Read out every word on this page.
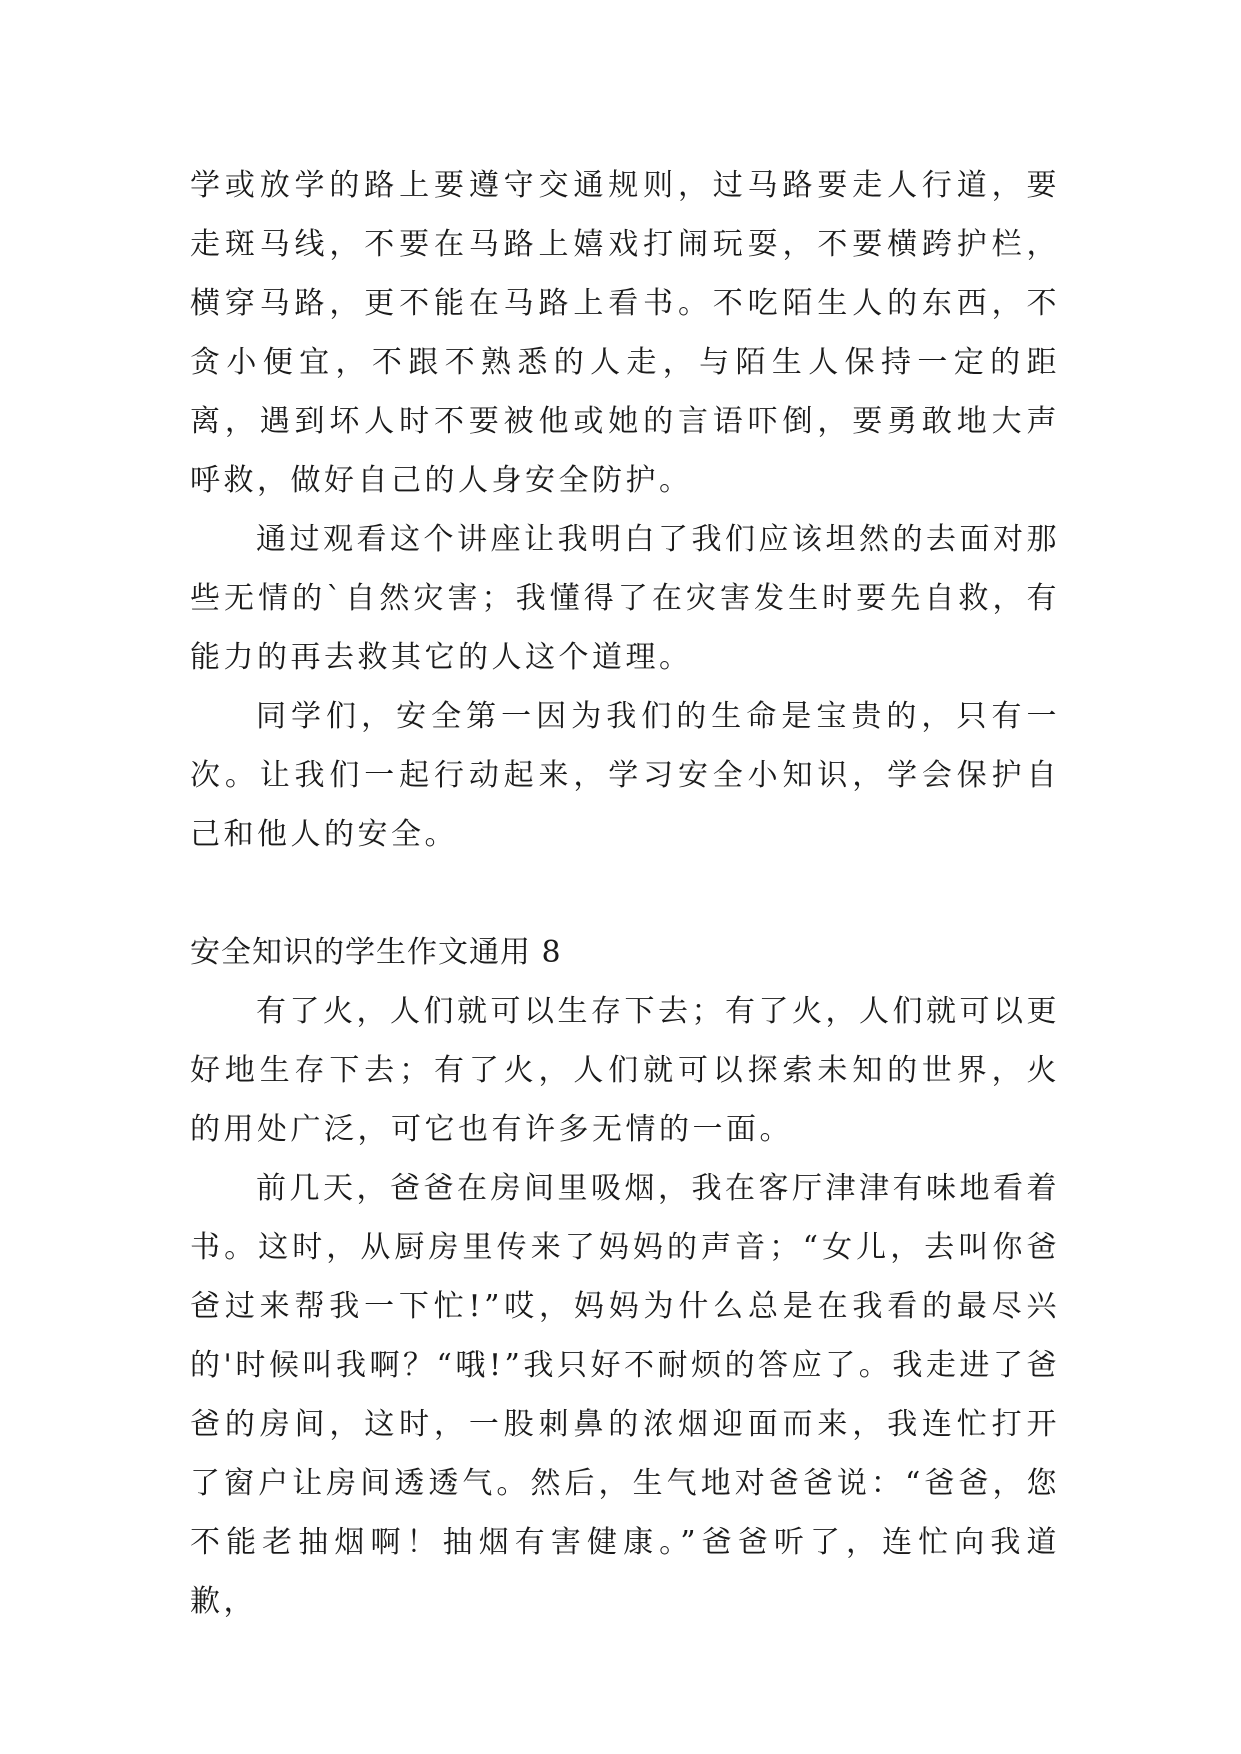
学或放学的路上要遵守交通规则，过马路要走人行道，要走斑马线，不要在马路上嬉戏打闹玩耍，不要横跨护栏，横穿马路，更不能在马路上看书。不吃陌生人的东西，不贪小便宜，不跟不熟悉的人走，与陌生人保持一定的距离，遇到坏人时不要被他或她的言语吓倒，要勇敢地大声呼救，做好自己的人身安全防护。

通过观看这个讲座让我明白了我们应该坦然的去面对那些无情的`自然灾害；我懂得了在灾害发生时要先自救，有能力的再去救其它的人这个道理。

同学们，安全第一因为我们的生命是宝贵的，只有一次。让我们一起行动起来，学习安全小知识，学会保护自己和他人的安全。

安全知识的学生作文通用 8

有了火，人们就可以生存下去；有了火，人们就可以更好地生存下去；有了火，人们就可以探索未知的世界，火的用处广泛，可它也有许多无情的一面。

前几天，爸爸在房间里吸烟，我在客厅津津有味地看着书。这时，从厨房里传来了妈妈的声音；“女儿，去叫你爸爸过来帮我一下忙!”哎，妈妈为什么总是在我看的最尽兴的'时候叫我啊？“哦!”我只好不耐烦的答应了。我走进了爸爸的房间，这时，一股刺鼻的浓烟迎面而来，我连忙打开了窗户让房间透透气。然后，生气地对爸爸说：“爸爸，您不能老抽烟啊！抽烟有害健康。”爸爸听了，连忙向我道歉，
